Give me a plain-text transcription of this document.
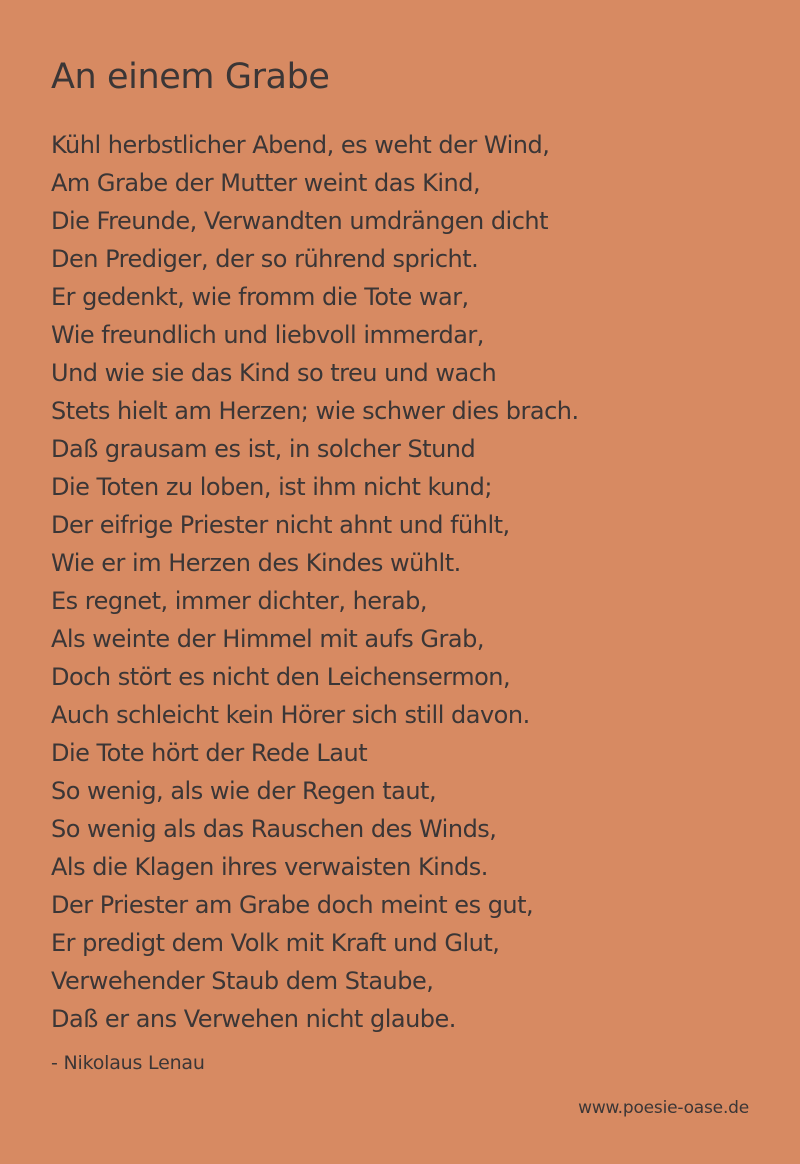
An einem Grabe
Kühl herbstlicher Abend, es weht der Wind,
Am Grabe der Mutter weint das Kind,
Die Freunde, Verwandten umdrängen dicht
Den Prediger, der so rührend spricht.
Er gedenkt, wie fromm die Tote war,
Wie freundlich und liebvoll immerdar,
Und wie sie das Kind so treu und wach
Stets hielt am Herzen; wie schwer dies brach.
Daß grausam es ist, in solcher Stund
Die Toten zu loben, ist ihm nicht kund;
Der eifrige Priester nicht ahnt und fühlt,
Wie er im Herzen des Kindes wühlt.
Es regnet, immer dichter, herab,
Als weinte der Himmel mit aufs Grab,
Doch stört es nicht den Leichensermon,
Auch schleicht kein Hörer sich still davon.
Die Tote hört der Rede Laut
So wenig, als wie der Regen taut,
So wenig als das Rauschen des Winds,
Als die Klagen ihres verwaisten Kinds.
Der Priester am Grabe doch meint es gut,
Er predigt dem Volk mit Kraft und Glut,
Verwehender Staub dem Staube,
Daß er ans Verwehen nicht glaube.
- Nikolaus Lenau
www.poesie-oase.de
